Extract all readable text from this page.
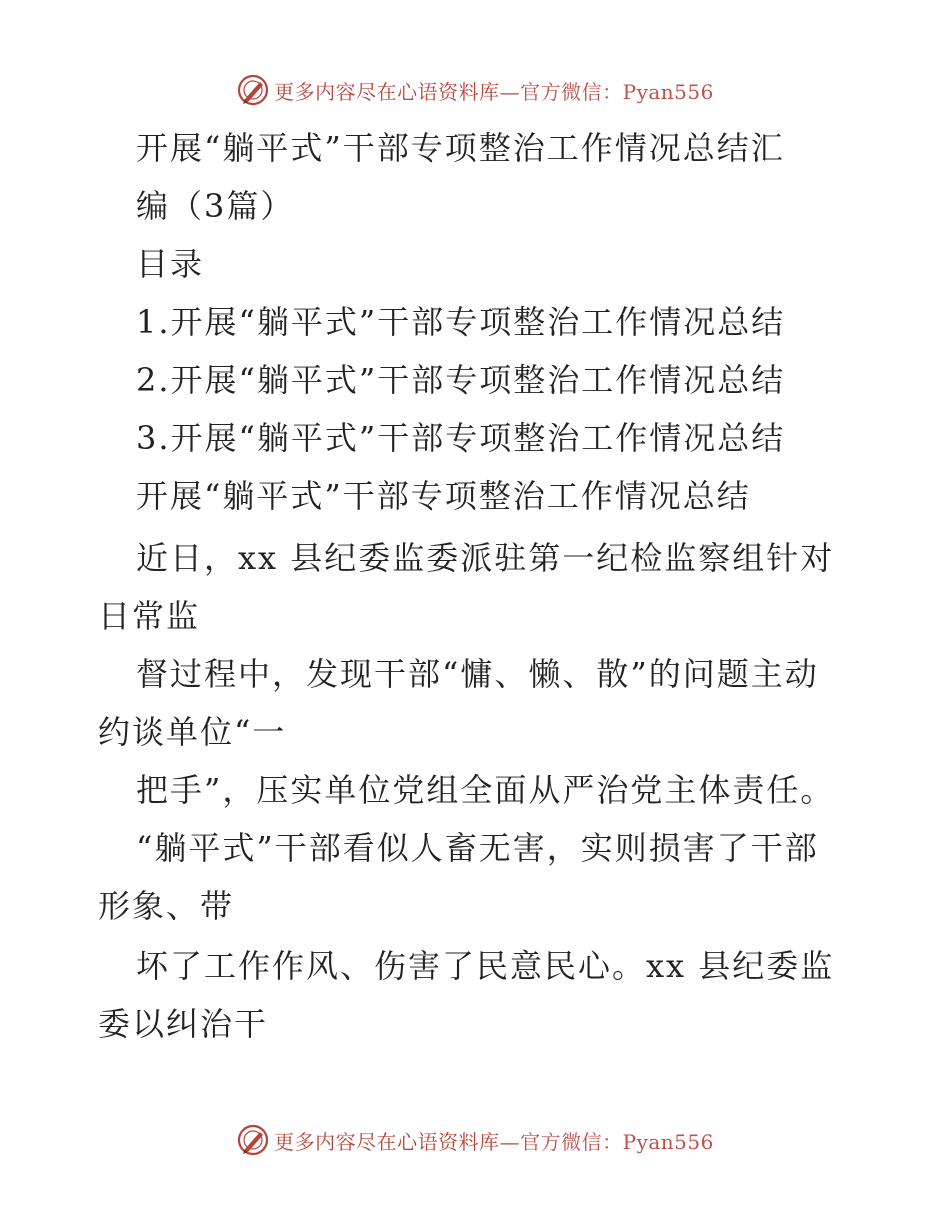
更多内容尽在心语资料库—官方微信：Pyan556
开展“躺平式”干部专项整治工作情况总结汇
编（3篇）
目录
1.开展“躺平式”干部专项整治工作情况总结
2.开展“躺平式”干部专项整治工作情况总结
3.开展“躺平式”干部专项整治工作情况总结
开展“躺平式”干部专项整治工作情况总结
近日，xx 县纪委监委派驻第一纪检监察组针对
日常监
督过程中，发现干部“慵、懒、散”的问题主动
约谈单位“一
把手”，压实单位党组全面从严治党主体责任。
“躺平式”干部看似人畜无害，实则损害了干部
形象、带
坏了工作作风、伤害了民意民心。xx 县纪委监
委以纠治干
更多内容尽在心语资料库—官方微信：Pyan556
